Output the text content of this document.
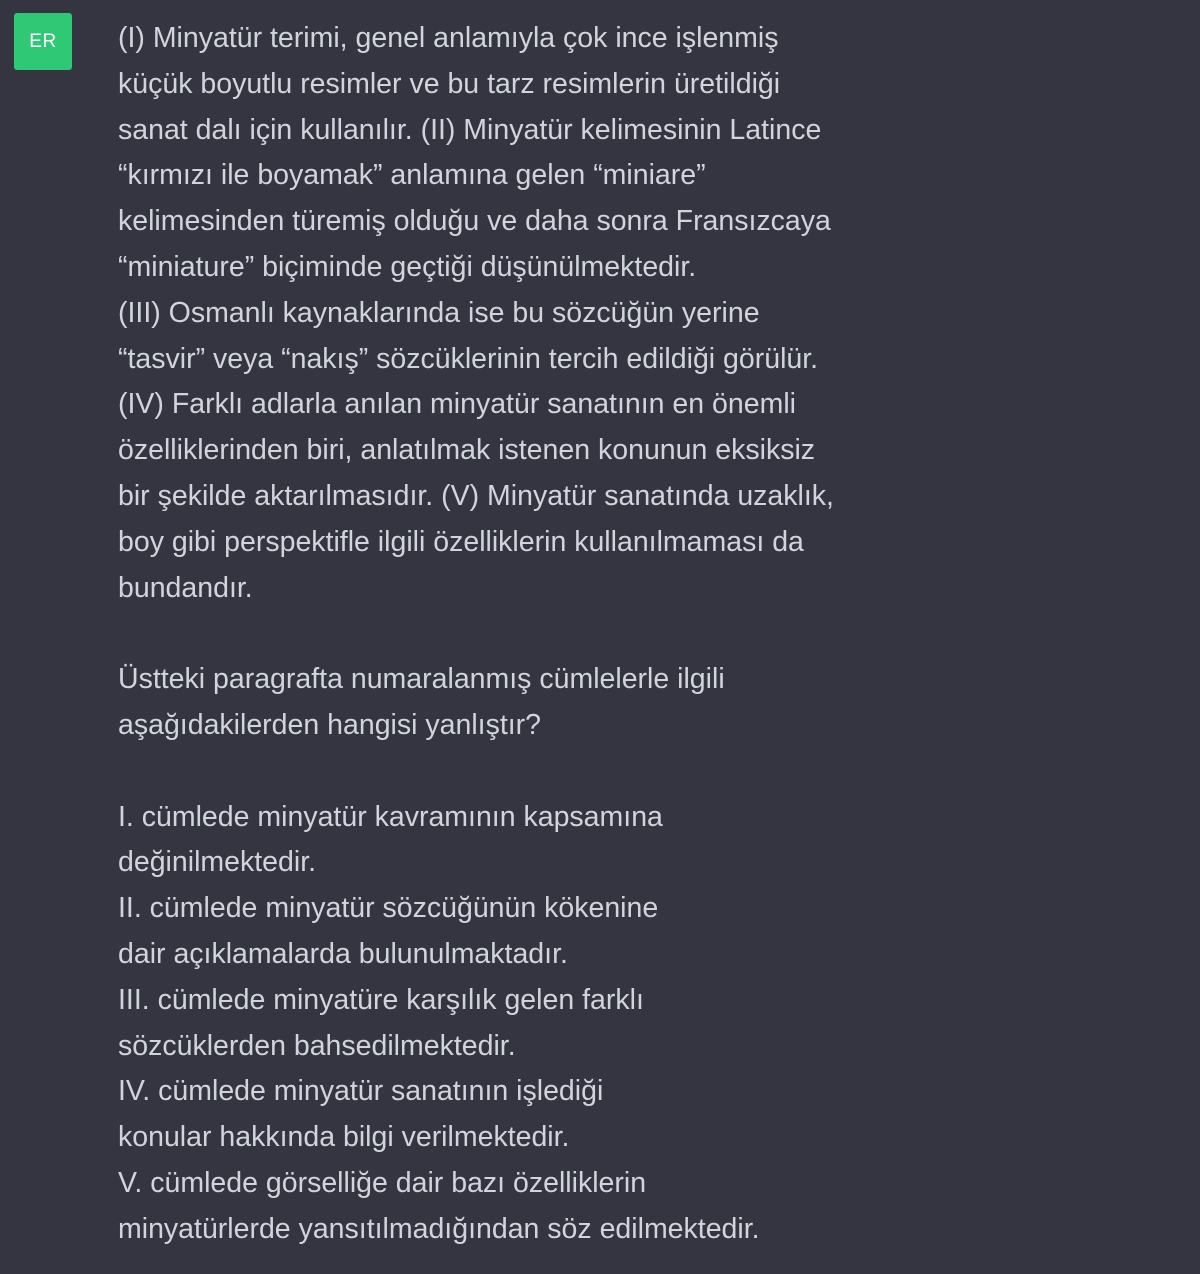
ER	(I) Minyatür terimi, genel anlamıyla çok ince işlenmiş
küçük boyutlu resimler ve bu tarz resimlerin üretildiği
sanat dalı için kullanılır. (II) Minyatür kelimesinin Latince
“kırmızı ile boyamak” anlamına gelen “miniare”
kelimesinden türemiş olduğu ve daha sonra Fransızcaya
“miniature” biçiminde geçtiği düşünülmektedir.
(III) Osmanlı kaynaklarında ise bu sözcüğün yerine
“tasvir” veya “nakış” sözcüklerinin tercih edildiği görülür.
(IV) Farklı adlarla anılan minyatür sanatının en önemli
özelliklerinden biri, anlatılmak istenen konunun eksiksiz
bir şekilde aktarılmasıdır. (V) Minyatür sanatında uzaklık,
boy gibi perspektifle ilgili özelliklerin kullanılmaması da
bundandır.
Üstteki paragrafta numaralanmış cümlelerle ilgili
aşağıdakilerden hangisi yanlıştır?
I. cümlede minyatür kavramının kapsamına
değinilmektedir.
II. cümlede minyatür sözcüğünün kökenine
dair açıklamalarda bulunulmaktadır.
III. cümlede minyatüre karşılık gelen farklı
sözcüklerden bahsedilmektedir.
IV. cümlede minyatür sanatının işlediği
konular hakkında bilgi verilmektedir.
V. cümlede görselliğe dair bazı özelliklerin
minyatürlerde yansıtılmadığından söz edilmektedir.
